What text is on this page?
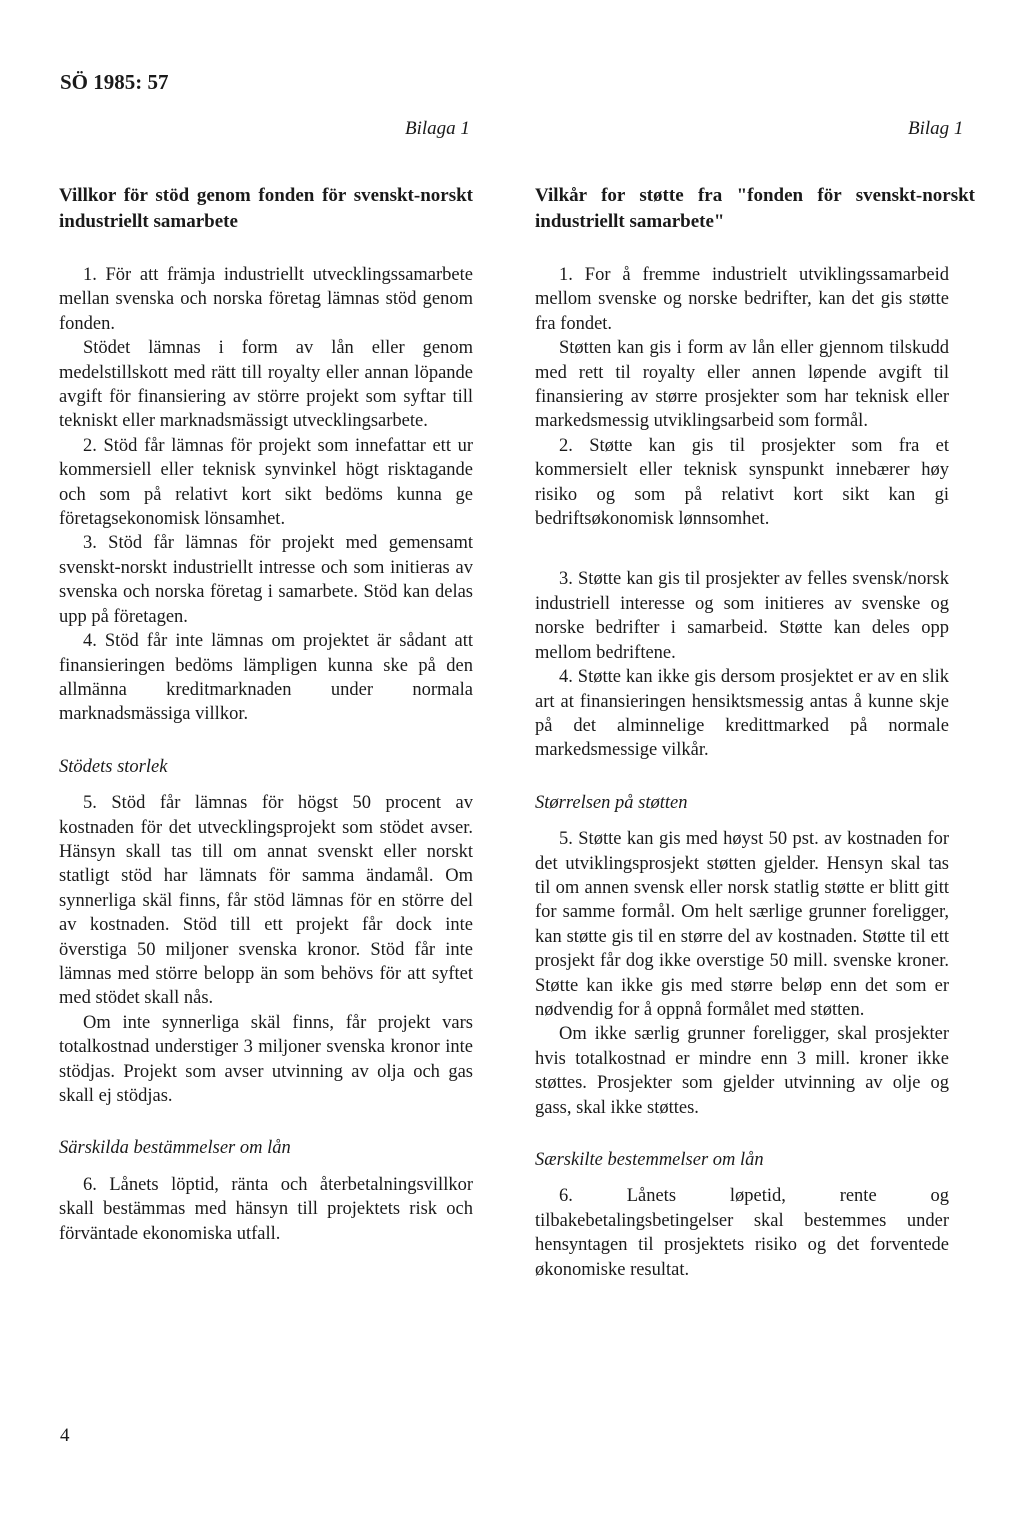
SÖ 1985: 57
Bilaga 1	Bilag 1
Villkor för stöd genom fonden för svenskt-norskt industriellt samarbete
Vilkår for støtte fra "fonden för svenskt-norskt industriellt samarbete"

1. För att främja industriellt utvecklingssamarbete mellan svenska och norska företag lämnas stöd genom fonden.

Stödet lämnas i form av lån eller genom medelstillskott med rätt till royalty eller annan löpande avgift för finansiering av större projekt som syftar till tekniskt eller marknadsmässigt utvecklingsarbete.

2. Stöd får lämnas för projekt som innefattar ett ur kommersiell eller teknisk synvinkel högt risktagande och som på relativt kort sikt bedöms kunna ge företagsekonomisk lönsamhet.

3. Stöd får lämnas för projekt med gemensamt svenskt-norskt industriellt intresse och som initieras av svenska och norska företag i samarbete. Stöd kan delas upp på företagen.

4. Stöd får inte lämnas om projektet är sådant att finansieringen bedöms lämpligen kunna ske på den allmänna kreditmarknaden under normala marknadsmässiga villkor.

Stödets storlek

5. Stöd får lämnas för högst 50 procent av kostnaden för det utvecklingsprojekt som stödet avser. Hänsyn skall tas till om annat svenskt eller norskt statligt stöd har lämnats för samma ändamål. Om synnerliga skäl finns, får stöd lämnas för en större del av kostnaden. Stöd till ett projekt får dock inte överstiga 50 miljoner svenska kronor. Stöd får inte lämnas med större belopp än som behövs för att syftet med stödet skall nås.

Om inte synnerliga skäl finns, får projekt vars totalkostnad understiger 3 miljoner svenska kronor inte stödjas. Projekt som avser utvinning av olja och gas skall ej stödjas.

Särskilda bestämmelser om lån

6. Lånets löptid, ränta och återbetalningsvillkor skall bestämmas med hänsyn till projektets risk och förväntade ekonomiska utfall.

1. For å fremme industrielt utviklingssamarbeid mellom svenske og norske bedrifter, kan det gis støtte fra fondet.

Støtten kan gis i form av lån eller gjennom tilskudd med rett til royalty eller annen løpende avgift til finansiering av større prosjekter som har teknisk eller markedsmessig utviklingsarbeid som formål.

2. Støtte kan gis til prosjekter som fra et kommersielt eller teknisk synspunkt innebærer høy risiko og som på relativt kort sikt kan gi bedriftsøkonomisk lønnsomhet.

3. Støtte kan gis til prosjekter av felles svensk/norsk industriell interesse og som initieres av svenske og norske bedrifter i samarbeid. Støtte kan deles opp mellom bedriftene.

4. Støtte kan ikke gis dersom prosjektet er av en slik art at finansieringen hensiktsmessig antas å kunne skje på det alminnelige kredittmarked på normale markedsmessige vilkår.

Størrelsen på støtten

5. Støtte kan gis med høyst 50 pst. av kostnaden for det utviklingsprosjekt støtten gjelder. Hensyn skal tas til om annen svensk eller norsk statlig støtte er blitt gitt for samme formål. Om helt særlige grunner foreligger, kan støtte gis til en større del av kostnaden. Støtte til ett prosjekt får dog ikke overstige 50 mill. svenske kroner. Støtte kan ikke gis med større beløp enn det som er nødvendig for å oppnå formålet med støtten.

Om ikke særlig grunner foreligger, skal prosjekter hvis totalkostnad er mindre enn 3 mill. kroner ikke støttes. Prosjekter som gjelder utvinning av olje og gass, skal ikke støttes.

Særskilte bestemmelser om lån

6. Lånets løpetid, rente og tilbakebetalingsbetingelser skal bestemmes under hensyntagen til prosjektets risiko og det forventede økonomiske resultat.

4
